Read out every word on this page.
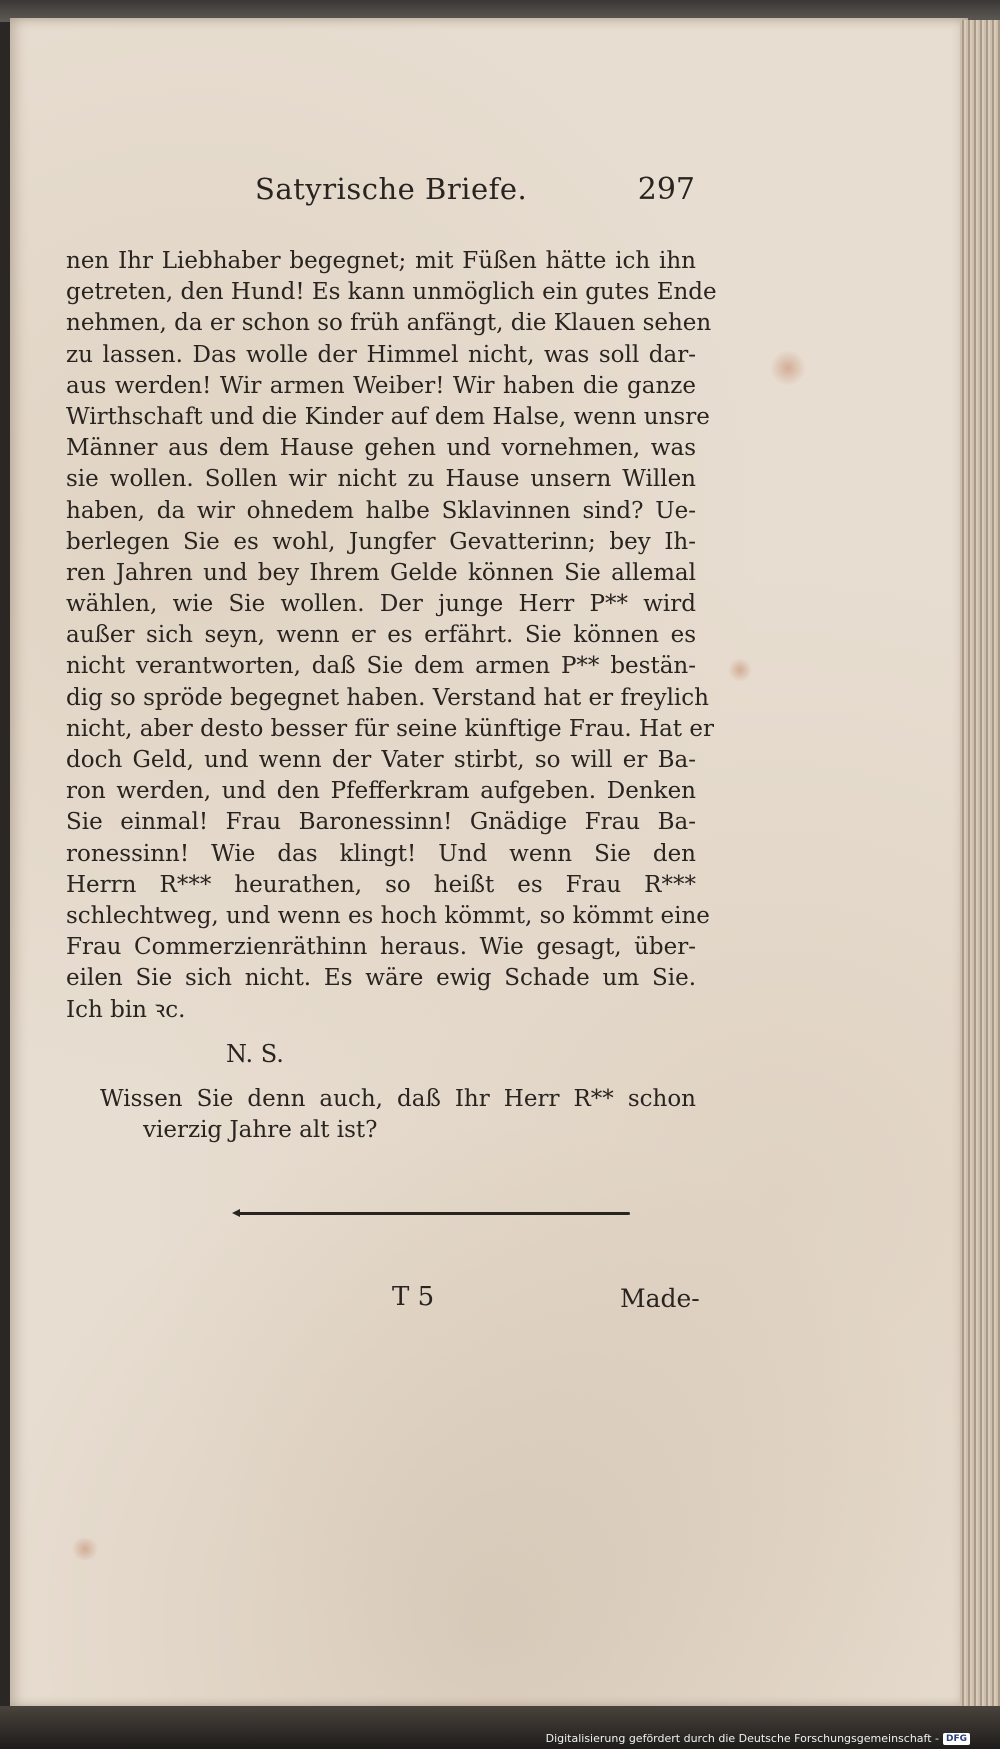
Satyrische Briefe.	297
nen Ihr Liebhaber begegnet; mit Füßen hätte ich ihn
getreten, den Hund! Es kann unmöglich ein gutes Ende
nehmen, da er schon so früh anfängt, die Klauen sehen
zu lassen. Das wolle der Himmel nicht, was soll dar-
aus werden! Wir armen Weiber! Wir haben die ganze
Wirthschaft und die Kinder auf dem Halse, wenn unsre
Männer aus dem Hause gehen und vornehmen, was
sie wollen. Sollen wir nicht zu Hause unsern Willen
haben, da wir ohnedem halbe Sklavinnen sind? Ue-
berlegen Sie es wohl, Jungfer Gevatterinn; bey Ih-
ren Jahren und bey Ihrem Gelde können Sie allemal
wählen, wie Sie wollen. Der junge Herr P** wird
außer sich seyn, wenn er es erfährt. Sie können es
nicht verantworten, daß Sie dem armen P** bestän-
dig so spröde begegnet haben. Verstand hat er freylich
nicht, aber desto besser für seine künftige Frau. Hat er
doch Geld, und wenn der Vater stirbt, so will er Ba-
ron werden, und den Pfefferkram aufgeben. Denken
Sie einmal! Frau Baronessinn! Gnädige Frau Ba-
ronessinn! Wie das klingt! Und wenn Sie den
Herrn R*** heurathen, so heißt es Frau R***
schlechtweg, und wenn es hoch kömmt, so kömmt eine
Frau Commerzienräthinn heraus. Wie gesagt, über-
eilen Sie sich nicht. Es wäre ewig Schade um Sie.
Ich bin ꝛc.
N. S.
Wissen Sie denn auch, daß Ihr Herr R** schon
vierzig Jahre alt ist?
T 5	Made-
Digitalisierung gefördert durch die Deutsche Forschungsgemeinschaft - DFG
